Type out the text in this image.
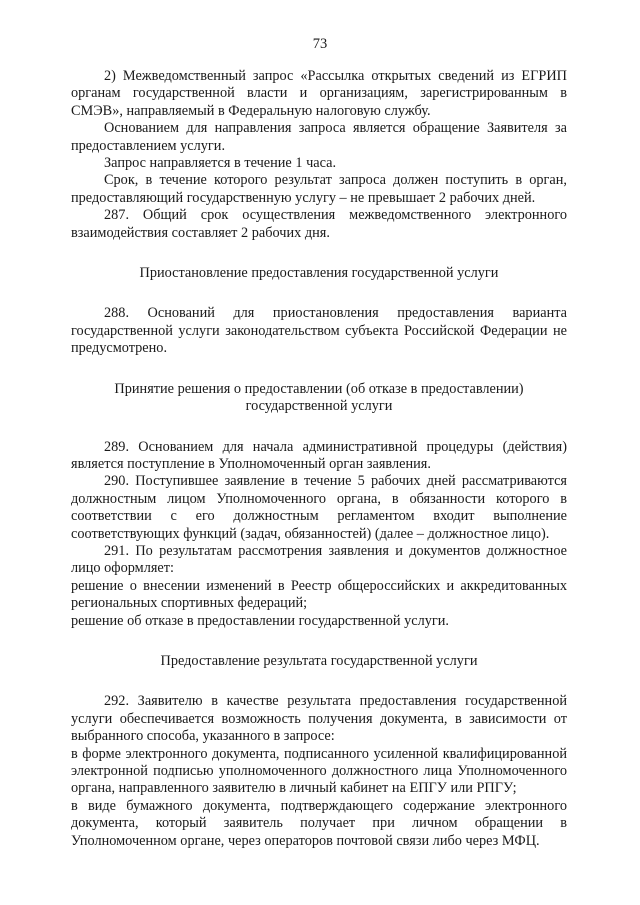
73

2) Межведомственный запрос «Рассылка открытых сведений из ЕГРИП органам государственной власти и организациям, зарегистрированным в СМЭВ», направляемый в Федеральную налоговую службу.

Основанием для направления запроса является обращение Заявителя за предоставлением услуги.

Запрос направляется в течение 1 часа.

Срок, в течение которого результат запроса должен поступить в орган, предоставляющий государственную услугу – не превышает 2 рабочих дней.

287. Общий срок осуществления межведомственного электронного взаимодействия составляет 2 рабочих дня.

Приостановление предоставления государственной услуги

288. Оснований для приостановления предоставления варианта государственной услуги законодательством субъекта Российской Федерации не предусмотрено.

Принятие решения о предоставлении (об отказе в предоставлении) государственной услуги

289. Основанием для начала административной процедуры (действия) является поступление в Уполномоченный орган заявления.

290. Поступившее заявление в течение 5 рабочих дней рассматриваются должностным лицом Уполномоченного органа, в обязанности которого в соответствии с его должностным регламентом входит выполнение соответствующих функций (задач, обязанностей) (далее – должностное лицо).

291. По результатам рассмотрения заявления и документов должностное лицо оформляет:

решение о внесении изменений в Реестр общероссийских и аккредитованных региональных спортивных федераций;

решение об отказе в предоставлении государственной услуги.

Предоставление результата государственной услуги

292. Заявителю в качестве результата предоставления государственной услуги обеспечивается возможность получения документа, в зависимости от выбранного способа, указанного в запросе:

в форме электронного документа, подписанного усиленной квалифицированной электронной подписью уполномоченного должностного лица Уполномоченного органа, направленного заявителю в личный кабинет на ЕПГУ или РПГУ;

в виде бумажного документа, подтверждающего содержание электронного документа, который заявитель получает при личном обращении в Уполномоченном органе, через операторов почтовой связи либо через МФЦ.
